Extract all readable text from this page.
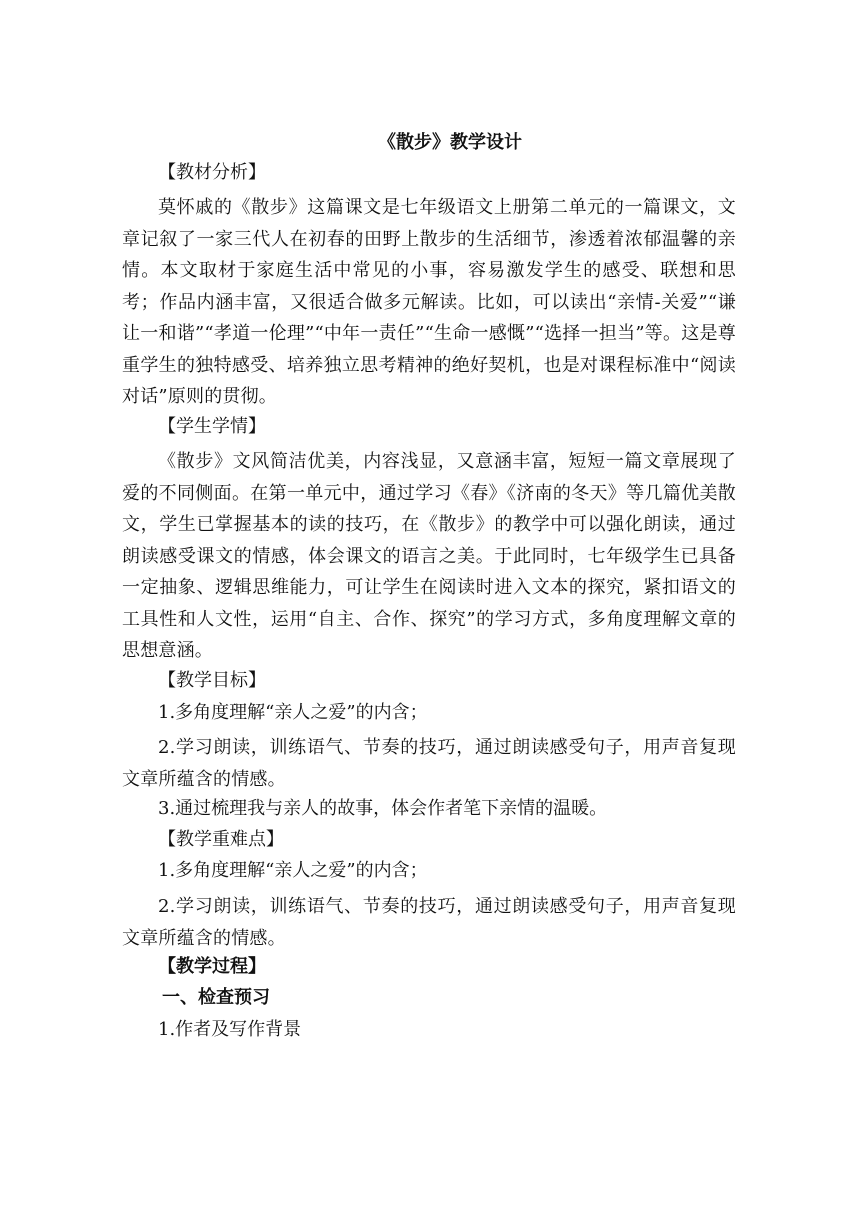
《散步》教学设计
【教材分析】
莫怀戚的《散步》这篇课文是七年级语文上册第二单元的一篇课文，文章记叙了一家三代人在初春的田野上散步的生活细节，渗透着浓郁温馨的亲情。本文取材于家庭生活中常见的小事，容易激发学生的感受、联想和思考；作品内涵丰富，又很适合做多元解读。比如，可以读出“亲情-关爱”“谦让一和谐”“孝道一伦理”“中年一责任”“生命一感慨”“选择一担当”等。这是尊重学生的独特感受、培养独立思考精神的绝好契机，也是对课程标准中“阅读对话”原则的贯彻。
【学生学情】
《散步》文风简洁优美，内容浅显，又意涵丰富，短短一篇文章展现了爱的不同侧面。在第一单元中，通过学习《春》《济南的冬天》等几篇优美散文，学生已掌握基本的读的技巧，在《散步》的教学中可以强化朗读，通过朗读感受课文的情感，体会课文的语言之美。于此同时，七年级学生已具备一定抽象、逻辑思维能力，可让学生在阅读时进入文本的探究，紧扣语文的工具性和人文性，运用“自主、合作、探究”的学习方式，多角度理解文章的思想意涵。
【教学目标】
1.多角度理解“亲人之爱”的内含；
2.学习朗读，训练语气、节奏的技巧，通过朗读感受句子，用声音复现文章所蕴含的情感。
3.通过梳理我与亲人的故事，体会作者笔下亲情的温暖。
【教学重难点】
1.多角度理解“亲人之爱”的内含；
2.学习朗读，训练语气、节奏的技巧，通过朗读感受句子，用声音复现文章所蕴含的情感。
【教学过程】
一、检查预习
1.作者及写作背景
